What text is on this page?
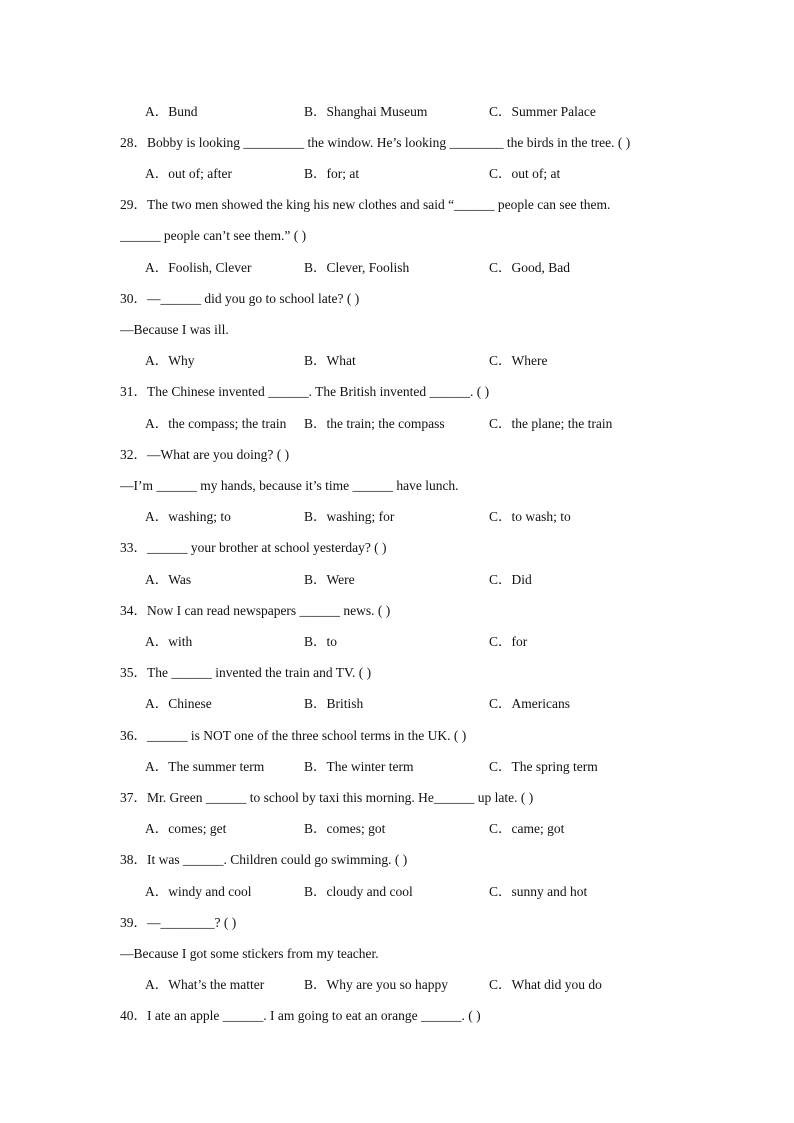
A．Bund	B．Shanghai Museum	C．Summer Palace
28．Bobby is looking _________ the window. He’s looking ________ the birds in the tree. ( )
A．out of; after	B．for; at	C．out of; at
29．The two men showed the king his new clothes and said “______ people can see them.
______ people can’t see them.” ( )
A．Foolish, Clever	B．Clever, Foolish	C．Good, Bad
30．—______ did you go to school late? ( )
—Because I was ill.
A．Why	B．What	C．Where
31．The Chinese invented ______. The British invented ______. ( )
A．the compass; the train B．the train; the compass	C．the plane; the train
32．—What are you doing? ( )
—I’m ______ my hands, because it’s time ______ have lunch.
A．washing; to	B．washing; for	C．to wash; to
33．______ your brother at school yesterday? ( )
A．Was	B．Were	C．Did
34．Now I can read newspapers ______ news. ( )
A．with	B．to	C．for
35．The ______ invented the train and TV. ( )
A．Chinese	B．British	C．Americans
36．______ is NOT one of the three school terms in the UK. ( )
A．The summer term	B．The winter term	C．The spring term
37．Mr. Green ______ to school by taxi this morning. He______ up late. ( )
A．comes; get	B．comes; got	C．came; got
38．It was ______. Children could go swimming. ( )
A．windy and cool	B．cloudy and cool	C．sunny and hot
39．—________? ( )
—Because I got some stickers from my teacher.
A．What’s the matter	B．Why are you so happy	C．What did you do
40．I ate an apple ______. I am going to eat an orange ______. ( )
